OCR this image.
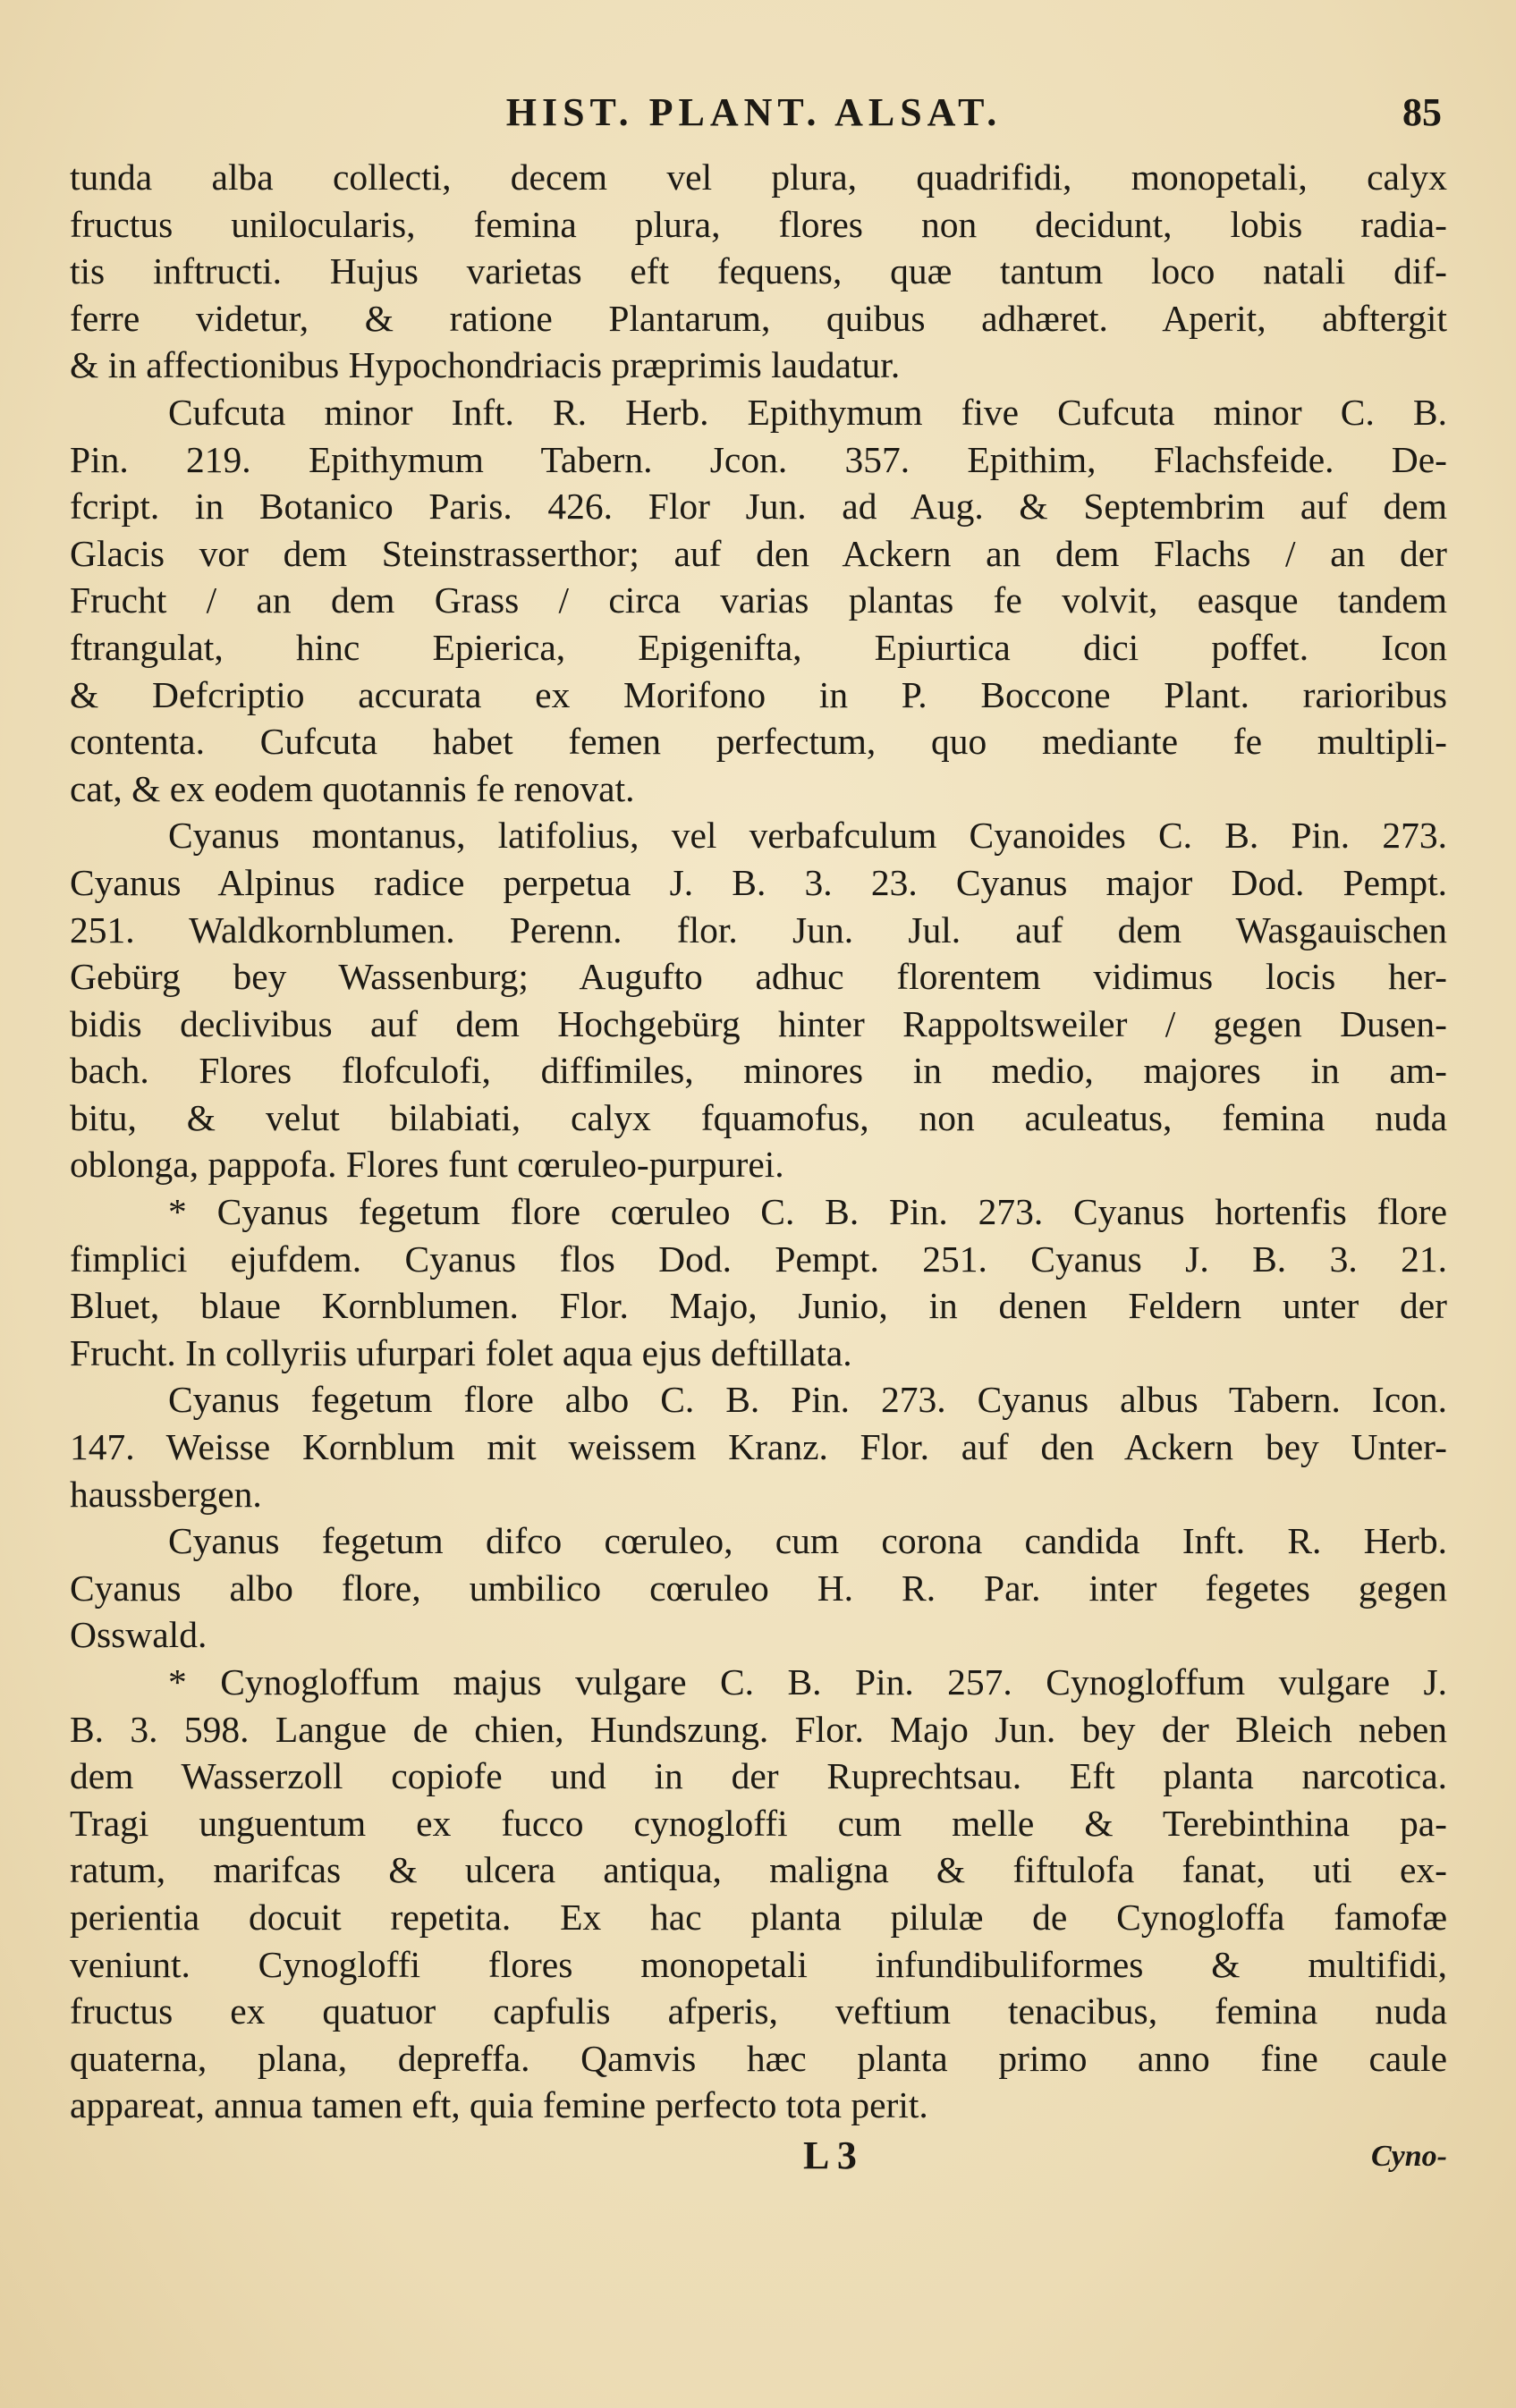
HIST. PLANT. ALSAT.	85

tunda alba collecti, decem vel plura, quadrifidi, monopetali, calyx
fructus unilocularis, femina plura, flores non decidunt, lobis radia-
tis inftructi. Hujus varietas eft fequens, quæ tantum loco natali dif-
ferre videtur, & ratione Plantarum, quibus adhæret. Aperit, abftergit
& in affectionibus Hypochondriacis præprimis laudatur.

Cufcuta minor Inft. R. Herb. Epithymum five Cufcuta minor C. B.
Pin. 219. Epithymum Tabern. Jcon. 357. Epithim, Flachsfeide. De-
fcript. in Botanico Paris. 426. Flor Jun. ad Aug. & Septembrim auf dem
Glacis vor dem Steinstrasserthor; auf den Ackern an dem Flachs / an der
Frucht / an dem Grass / circa varias plantas fe volvit, easque tandem
ftrangulat, hinc Epierica, Epigenifta, Epiurtica dici poffet. Icon
& Defcriptio accurata ex Morifono in P. Boccone Plant. rarioribus
contenta. Cufcuta habet femen perfectum, quo mediante fe multipli-
cat, & ex eodem quotannis fe renovat.

Cyanus montanus, latifolius, vel verbafculum Cyanoides C. B. Pin. 273.
Cyanus Alpinus radice perpetua J. B. 3. 23. Cyanus major Dod. Pempt.
251. Waldkornblumen. Perenn. flor. Jun. Jul. auf dem Wasgauischen
Gebürg bey Wassenburg; Augufto adhuc florentem vidimus locis her-
bidis declivibus auf dem Hochgebürg hinter Rappoltsweiler / gegen Dusen-
bach. Flores flofculofi, diffimiles, minores in medio, majores in am-
bitu, & velut bilabiati, calyx fquamofus, non aculeatus, femina nuda
oblonga, pappofa. Flores funt cœruleo-purpurei.

* Cyanus fegetum flore cœruleo C. B. Pin. 273. Cyanus hortenfis flore
fimplici ejufdem. Cyanus flos Dod. Pempt. 251. Cyanus J. B. 3. 21.
Bluet, blaue Kornblumen. Flor. Majo, Junio, in denen Feldern unter der
Frucht. In collyriis ufurpari folet aqua ejus deftillata.

Cyanus fegetum flore albo C. B. Pin. 273. Cyanus albus Tabern. Icon.
147. Weisse Kornblum mit weissem Kranz. Flor. auf den Ackern bey Unter-
haussbergen.

Cyanus fegetum difco cœruleo, cum corona candida Inft. R. Herb.
Cyanus albo flore, umbilico cœruleo H. R. Par. inter fegetes gegen
Osswald.

* Cynogloffum majus vulgare C. B. Pin. 257. Cynogloffum vulgare J.
B. 3. 598. Langue de chien, Hundszung. Flor. Majo Jun. bey der Bleich neben
dem Wasserzoll copiofe und in der Ruprechtsau. Eft planta narcotica.
Tragi unguentum ex fucco cynogloffi cum melle & Terebinthina pa-
ratum, marifcas & ulcera antiqua, maligna & fiftulofa fanat, uti ex-
perientia docuit repetita. Ex hac planta pilulæ de Cynogloffa famofæ
veniunt. Cynogloffi flores monopetali infundibuliformes & multifidi,
fructus ex quatuor capfulis afperis, veftium tenacibus, femina nuda
quaterna, plana, depreffa. Qamvis hæc planta primo anno fine caule
appareat, annua tamen eft, quia femine perfecto tota perit.

L 3	Cyno-
